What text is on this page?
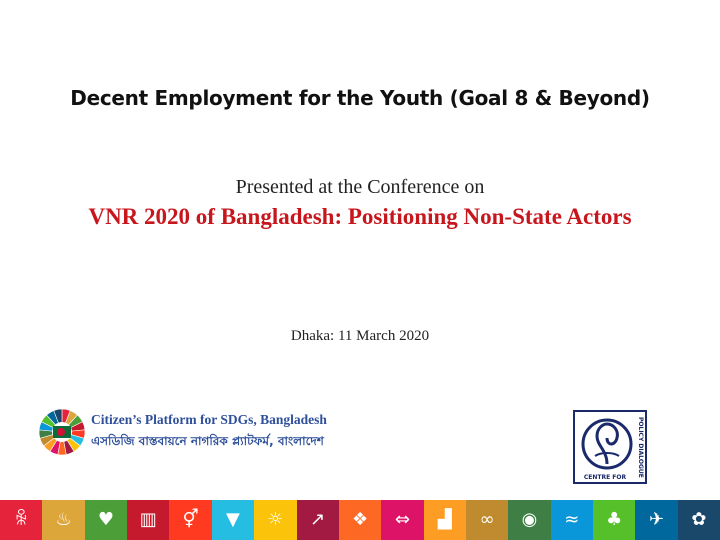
Decent Employment for the Youth (Goal 8 & Beyond)
Presented at the Conference on
VNR 2020 of Bangladesh: Positioning Non-State Actors
Dhaka: 11 March 2020
Citizen’s Platform for SDGs, Bangladesh
এসডিজি বাস্তবায়নে নাগরিক প্ল্যাটফর্ম, বাংলাদেশ	POLICY DIALOGUE
CENTRE FOR
ꆜ	♨	♥	▥	⚥	▼	☼	↗	❖	⇔	▟	∞	◉	≈	♣	✈	✿
